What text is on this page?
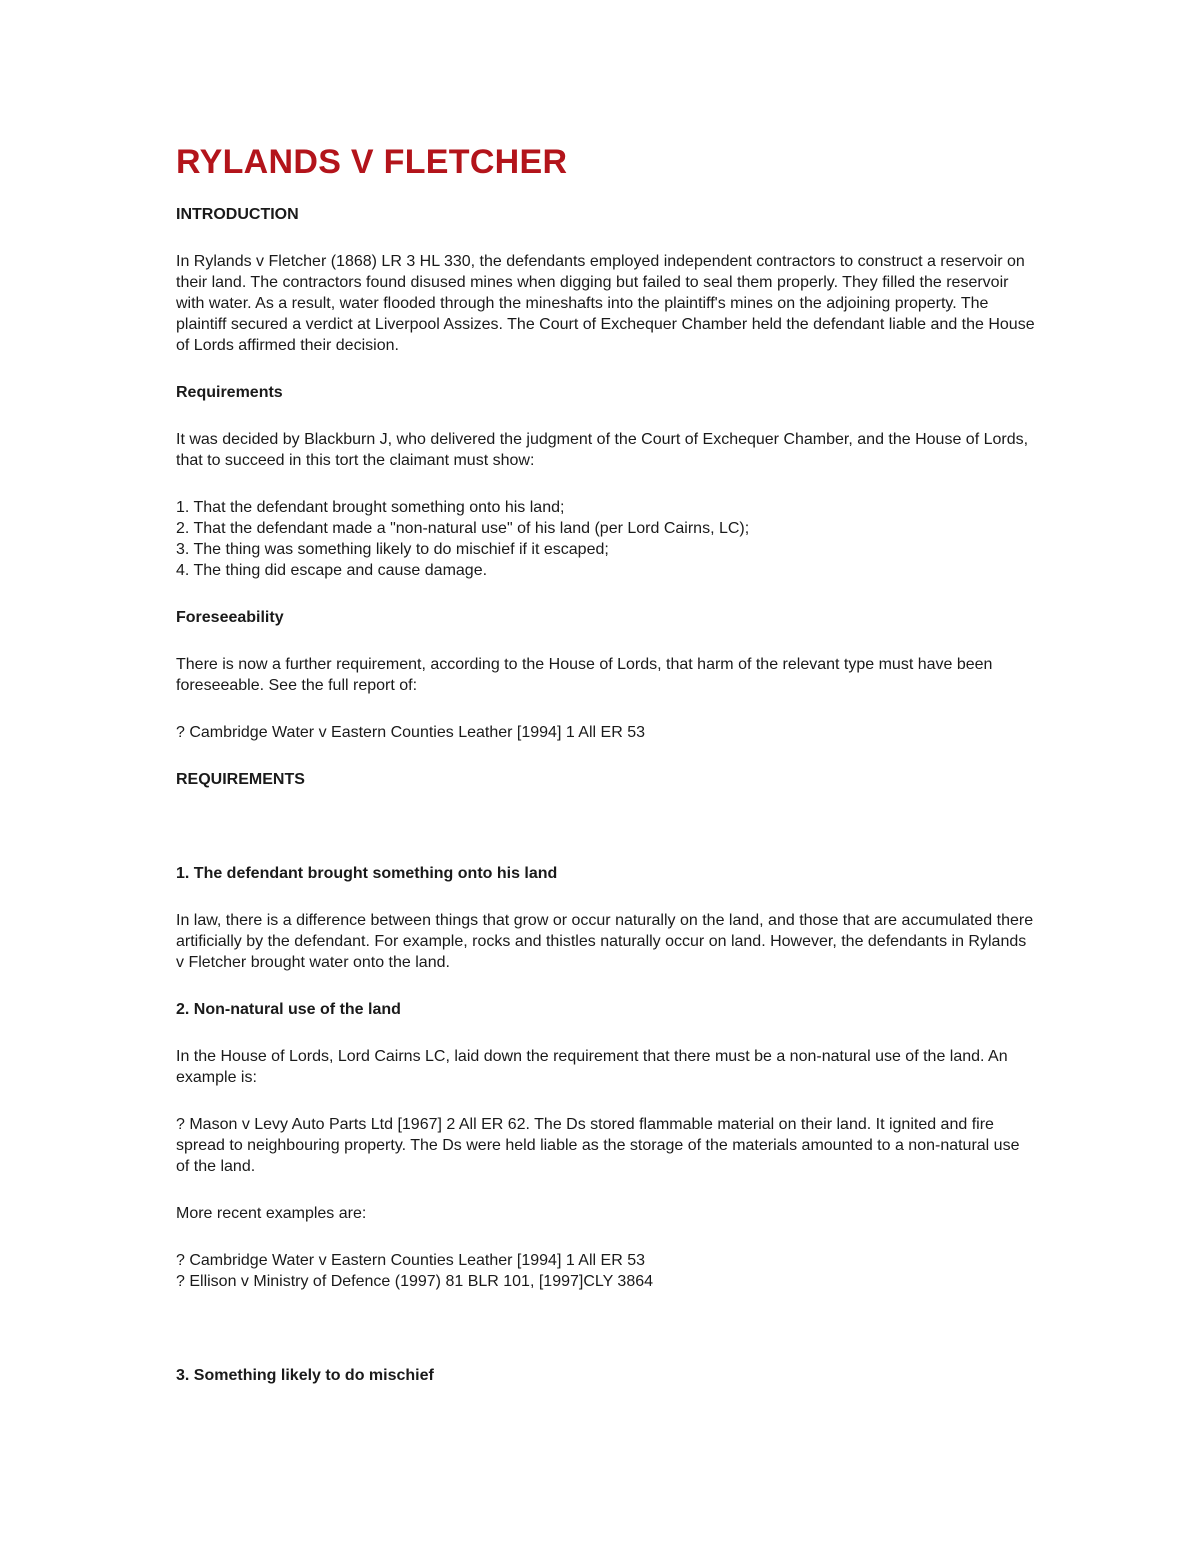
RYLANDS V FLETCHER
INTRODUCTION

In Rylands v Fletcher (1868) LR 3 HL 330, the defendants employed independent contractors to construct a reservoir on their land. The contractors found disused mines when digging but failed to seal them properly. They filled the reservoir with water. As a result, water flooded through the mineshafts into the plaintiff's mines on the adjoining property. The plaintiff secured a verdict at Liverpool Assizes. The Court of Exchequer Chamber held the defendant liable and the House of Lords affirmed their decision.

Requirements

It was decided by Blackburn J, who delivered the judgment of the Court of Exchequer Chamber, and the House of Lords, that to succeed in this tort the claimant must show:

1. That the defendant brought something onto his land;
2. That the defendant made a "non-natural use" of his land (per Lord Cairns, LC);
3. The thing was something likely to do mischief if it escaped;
4. The thing did escape and cause damage.
Foreseeability

There is now a further requirement, according to the House of Lords, that harm of the relevant type must have been foreseeable. See the full report of:

? Cambridge Water v Eastern Counties Leather [1994] 1 All ER 53

REQUIREMENTS
1. The defendant brought something onto his land

In law, there is a difference between things that grow or occur naturally on the land, and those that are accumulated there artificially by the defendant. For example, rocks and thistles naturally occur on land. However, the defendants in Rylands v Fletcher brought water onto the land.

2. Non-natural use of the land

In the House of Lords, Lord Cairns LC, laid down the requirement that there must be a non-natural use of the land. An example is:

? Mason v Levy Auto Parts Ltd [1967] 2 All ER 62. The Ds stored flammable material on their land. It ignited and fire spread to neighbouring property. The Ds were held liable as the storage of the materials amounted to a non-natural use of the land.

More recent examples are:

? Cambridge Water v Eastern Counties Leather [1994] 1 All ER 53
? Ellison v Ministry of Defence (1997) 81 BLR 101, [1997]CLY 3864
3. Something likely to do mischief
